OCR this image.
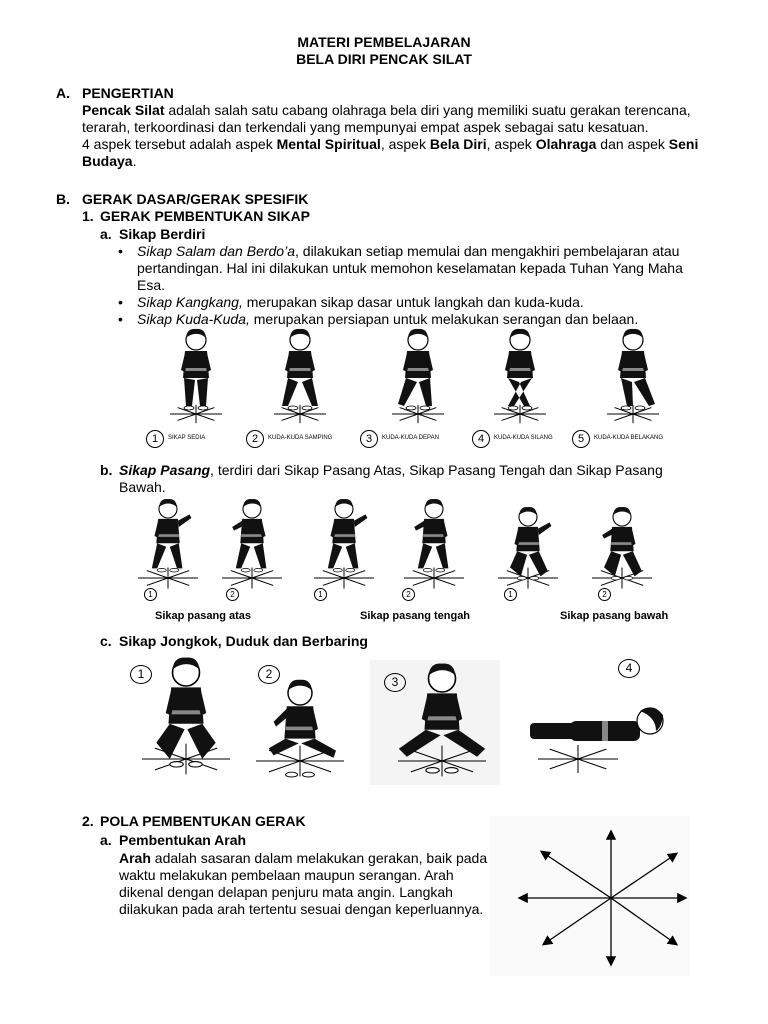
MATERI PEMBELAJARAN
BELA DIRI PENCAK SILAT
A. PENGERTIAN
Pencak Silat adalah salah satu cabang olahraga bela diri yang memiliki suatu gerakan terencana,
terarah, terkoordinasi dan terkendali yang mempunyai empat aspek sebagai satu kesatuan.
4 aspek tersebut adalah aspek Mental Spiritual, aspek Bela Diri, aspek Olahraga dan aspek Seni
Budaya.
B. GERAK DASAR/GERAK SPESIFIK
1. GERAK PEMBENTUKAN SIKAP
a. Sikap Berdiri
• Sikap Salam dan Berdo’a, dilakukan setiap memulai dan mengakhiri pembelajaran atau
pertandingan. Hal ini dilakukan untuk memohon keselamatan kepada Tuhan Yang Maha
Esa.
• Sikap Kangkang, merupakan sikap dasar untuk langkah dan kuda-kuda.
• Sikap Kuda-Kuda, merupakan persiapan untuk melakukan serangan dan belaan.
1	SIKAP SEDIA	2	KUDA-KUDA SAMPING	3	KUDA-KUDA DEPAN	4	KUDA-KUDA SILANG	5	KUDA-KUDA BELAKANG
b. Sikap Pasang, terdiri dari Sikap Pasang Atas, Sikap Pasang Tengah dan Sikap Pasang
Bawah.
1	2	1	2	1	2
Sikap pasang atas	Sikap pasang tengah	Sikap pasang bawah
c. Sikap Jongkok, Duduk dan Berbaring
1	2
3
4
2. POLA PEMBENTUKAN GERAK
a. Pembentukan Arah
Arah adalah sasaran dalam melakukan gerakan, baik pada
waktu melakukan pembelaan maupun serangan. Arah
dikenal dengan delapan penjuru mata angin. Langkah
dilakukan pada arah tertentu sesuai dengan keperluannya.
